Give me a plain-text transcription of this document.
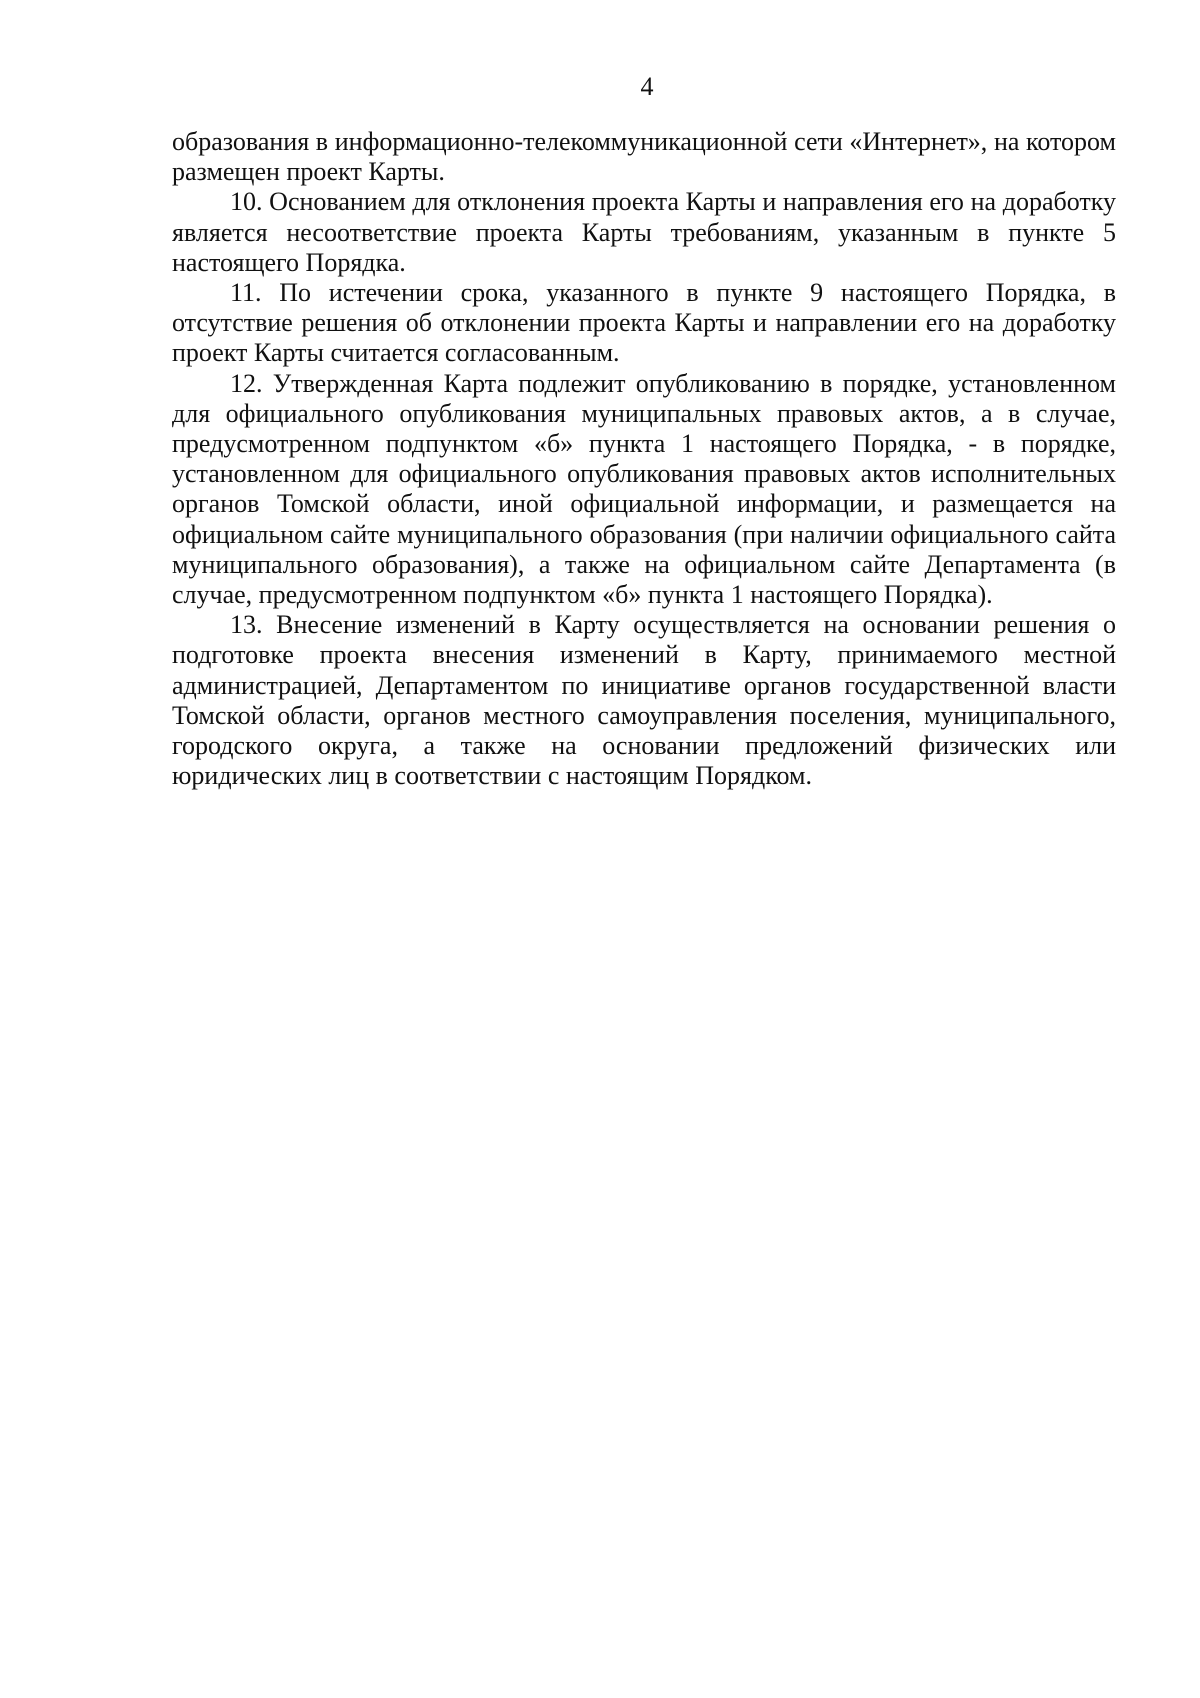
4

образования в информационно-телекоммуникационной сети «Интернет», на котором размещен проект Карты.

10. Основанием для отклонения проекта Карты и направления его на доработку является несоответствие проекта Карты требованиям, указанным в пункте 5 настоящего Порядка.

11. По истечении срока, указанного в пункте 9 настоящего Порядка, в отсутствие решения об отклонении проекта Карты и направлении его на доработку проект Карты считается согласованным.

12. Утвержденная Карта подлежит опубликованию в порядке, установленном для официального опубликования муниципальных правовых актов, а в случае, предусмотренном подпунктом «б» пункта 1 настоящего Порядка, - в порядке, установленном для официального опубликования правовых актов исполнительных органов Томской области, иной официальной информации, и размещается на официальном сайте муниципального образования (при наличии официального сайта муниципального образования), а также на официальном сайте Департамента (в случае, предусмотренном подпунктом «б» пункта 1 настоящего Порядка).

13. Внесение изменений в Карту осуществляется на основании решения о подготовке проекта внесения изменений в Карту, принимаемого местной администрацией, Департаментом по инициативе органов государственной власти Томской области, органов местного самоуправления поселения, муниципального, городского округа, а также на основании предложений физических или юридических лиц в соответствии с настоящим Порядком.
